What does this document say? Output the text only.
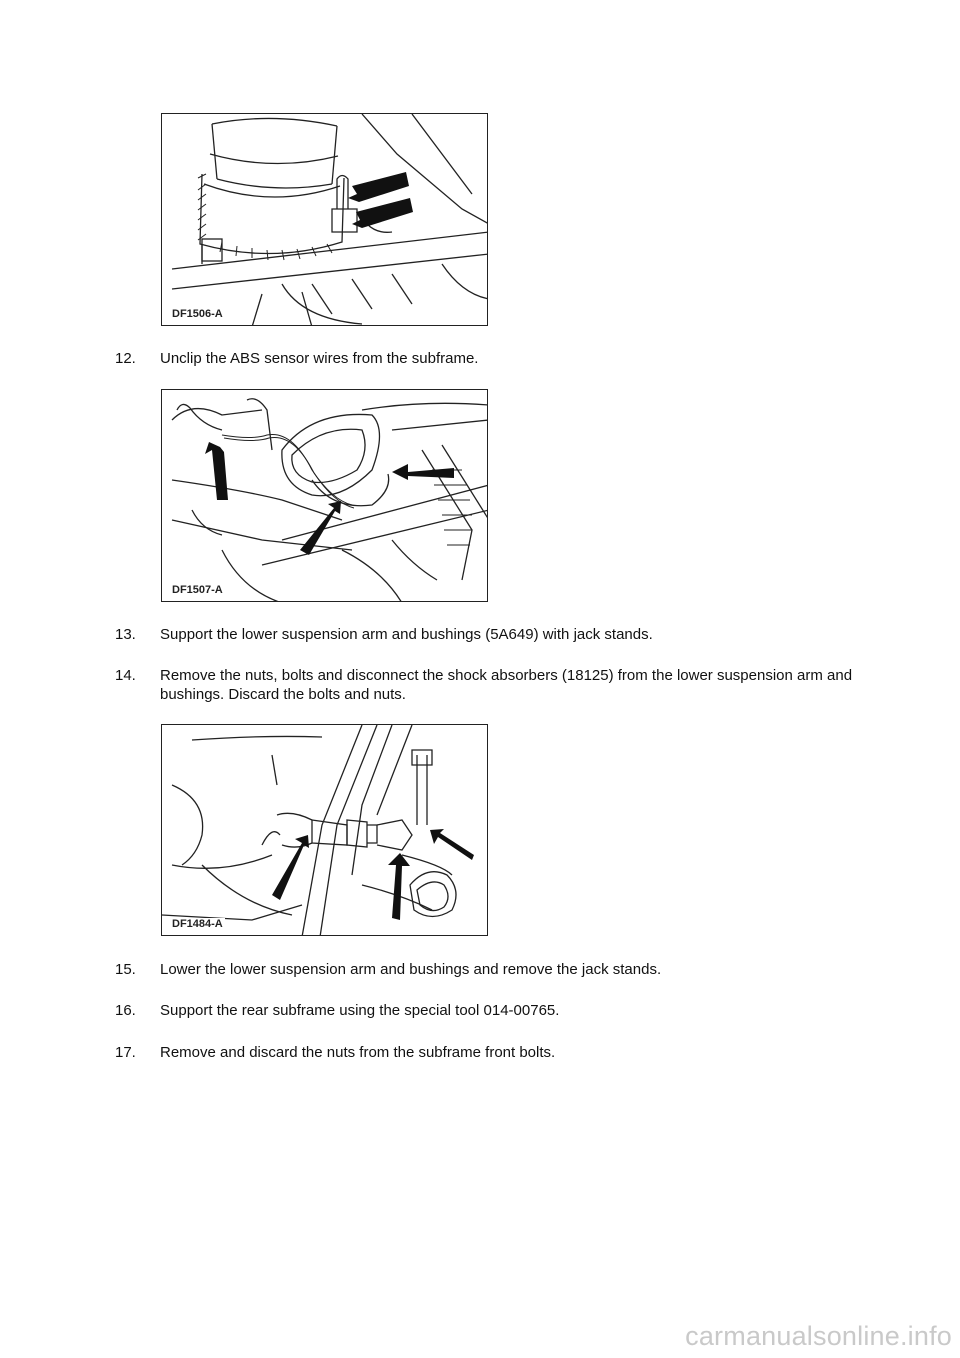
DF1506-A
12.	Unclip the ABS sensor wires from the subframe.
DF1507-A
13.	Support the lower suspension arm and bushings (5A649) with jack stands.
14.	Remove the nuts, bolts and disconnect the shock absorbers (18125) from the lower suspension arm and bushings. Discard the bolts and nuts.
DF1484-A
15.	Lower the lower suspension arm and bushings and remove the jack stands.
16.	Support the rear subframe using the special tool 014-00765.
17.	Remove and discard the nuts from the subframe front bolts.
carmanualsonline.info
